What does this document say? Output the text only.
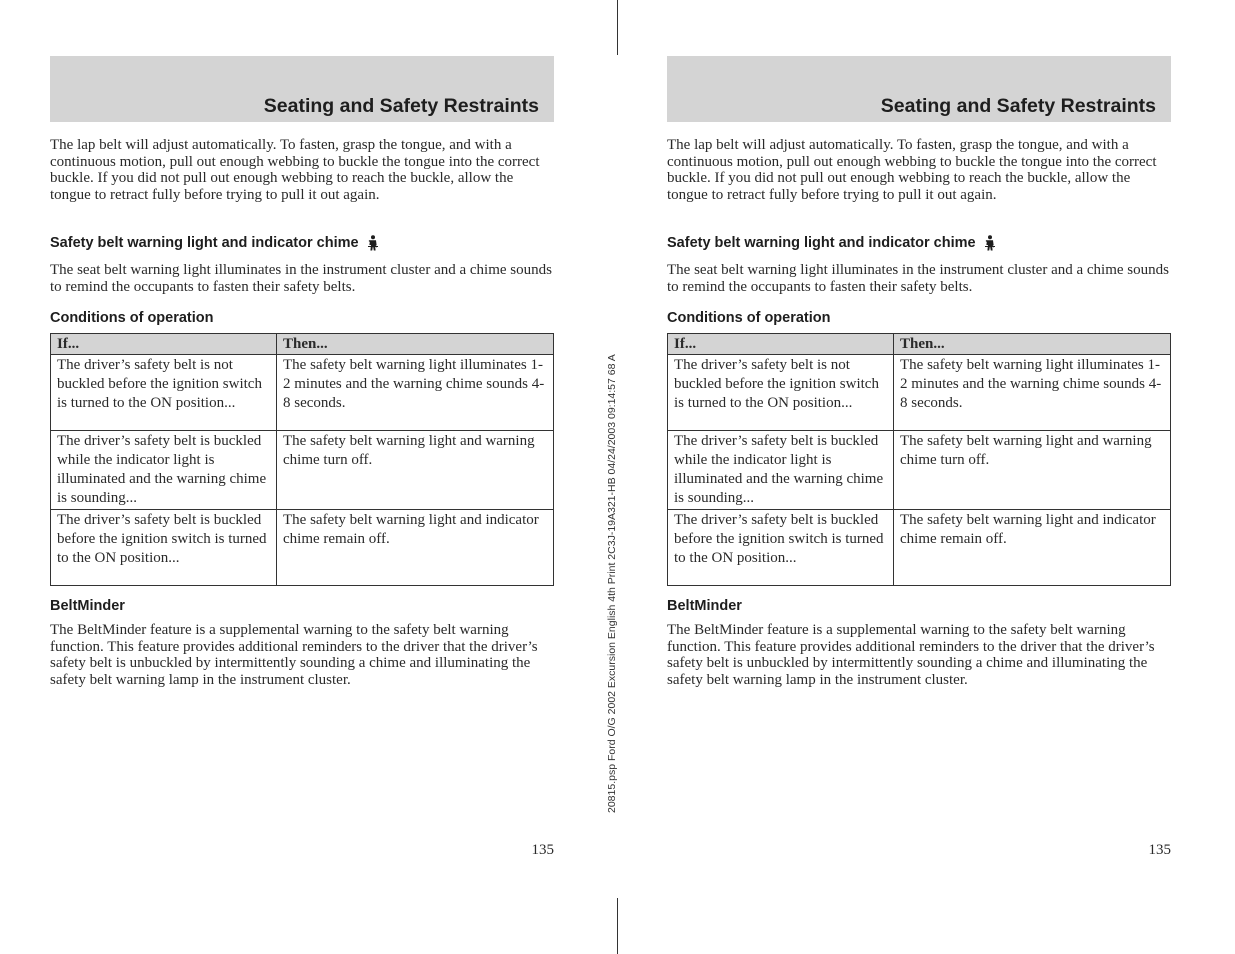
20815.psp Ford O/G 2002 Excursion English 4th Print 2C3J-19A321-HB 04/24/2003 09:14:57 68 A
Seating and Safety Restraints

The lap belt will adjust automatically. To fasten, grasp the tongue, and with a continuous motion, pull out enough webbing to buckle the tongue into the correct buckle. If you did not pull out enough webbing to reach the buckle, allow the tongue to retract fully before trying to pull it out again.

Safety belt warning light and indicator chime

The seat belt warning light illuminates in the instrument cluster and a chime sounds to remind the occupants to fasten their safety belts.

Conditions of operation
If...	Then...
The driver’s safety belt is not buckled before the ignition switch is turned to the ON position...	The safety belt warning light illuminates 1-2 minutes and the warning chime sounds 4-8 seconds.
The driver’s safety belt is buckled while the indicator light is illuminated and the warning chime is sounding...	The safety belt warning light and warning chime turn off.
The driver’s safety belt is buckled before the ignition switch is turned to the ON position...	The safety belt warning light and indicator chime remain off.
BeltMinder

The BeltMinder feature is a supplemental warning to the safety belt warning function. This feature provides additional reminders to the driver that the driver’s safety belt is unbuckled by intermittently sounding a chime and illuminating the safety belt warning lamp in the instrument cluster.

135
Seating and Safety Restraints

The lap belt will adjust automatically. To fasten, grasp the tongue, and with a continuous motion, pull out enough webbing to buckle the tongue into the correct buckle. If you did not pull out enough webbing to reach the buckle, allow the tongue to retract fully before trying to pull it out again.

Safety belt warning light and indicator chime

The seat belt warning light illuminates in the instrument cluster and a chime sounds to remind the occupants to fasten their safety belts.

Conditions of operation
If...	Then...
The driver’s safety belt is not buckled before the ignition switch is turned to the ON position...	The safety belt warning light illuminates 1-2 minutes and the warning chime sounds 4-8 seconds.
The driver’s safety belt is buckled while the indicator light is illuminated and the warning chime is sounding...	The safety belt warning light and warning chime turn off.
The driver’s safety belt is buckled before the ignition switch is turned to the ON position...	The safety belt warning light and indicator chime remain off.
BeltMinder

The BeltMinder feature is a supplemental warning to the safety belt warning function. This feature provides additional reminders to the driver that the driver’s safety belt is unbuckled by intermittently sounding a chime and illuminating the safety belt warning lamp in the instrument cluster.

135
